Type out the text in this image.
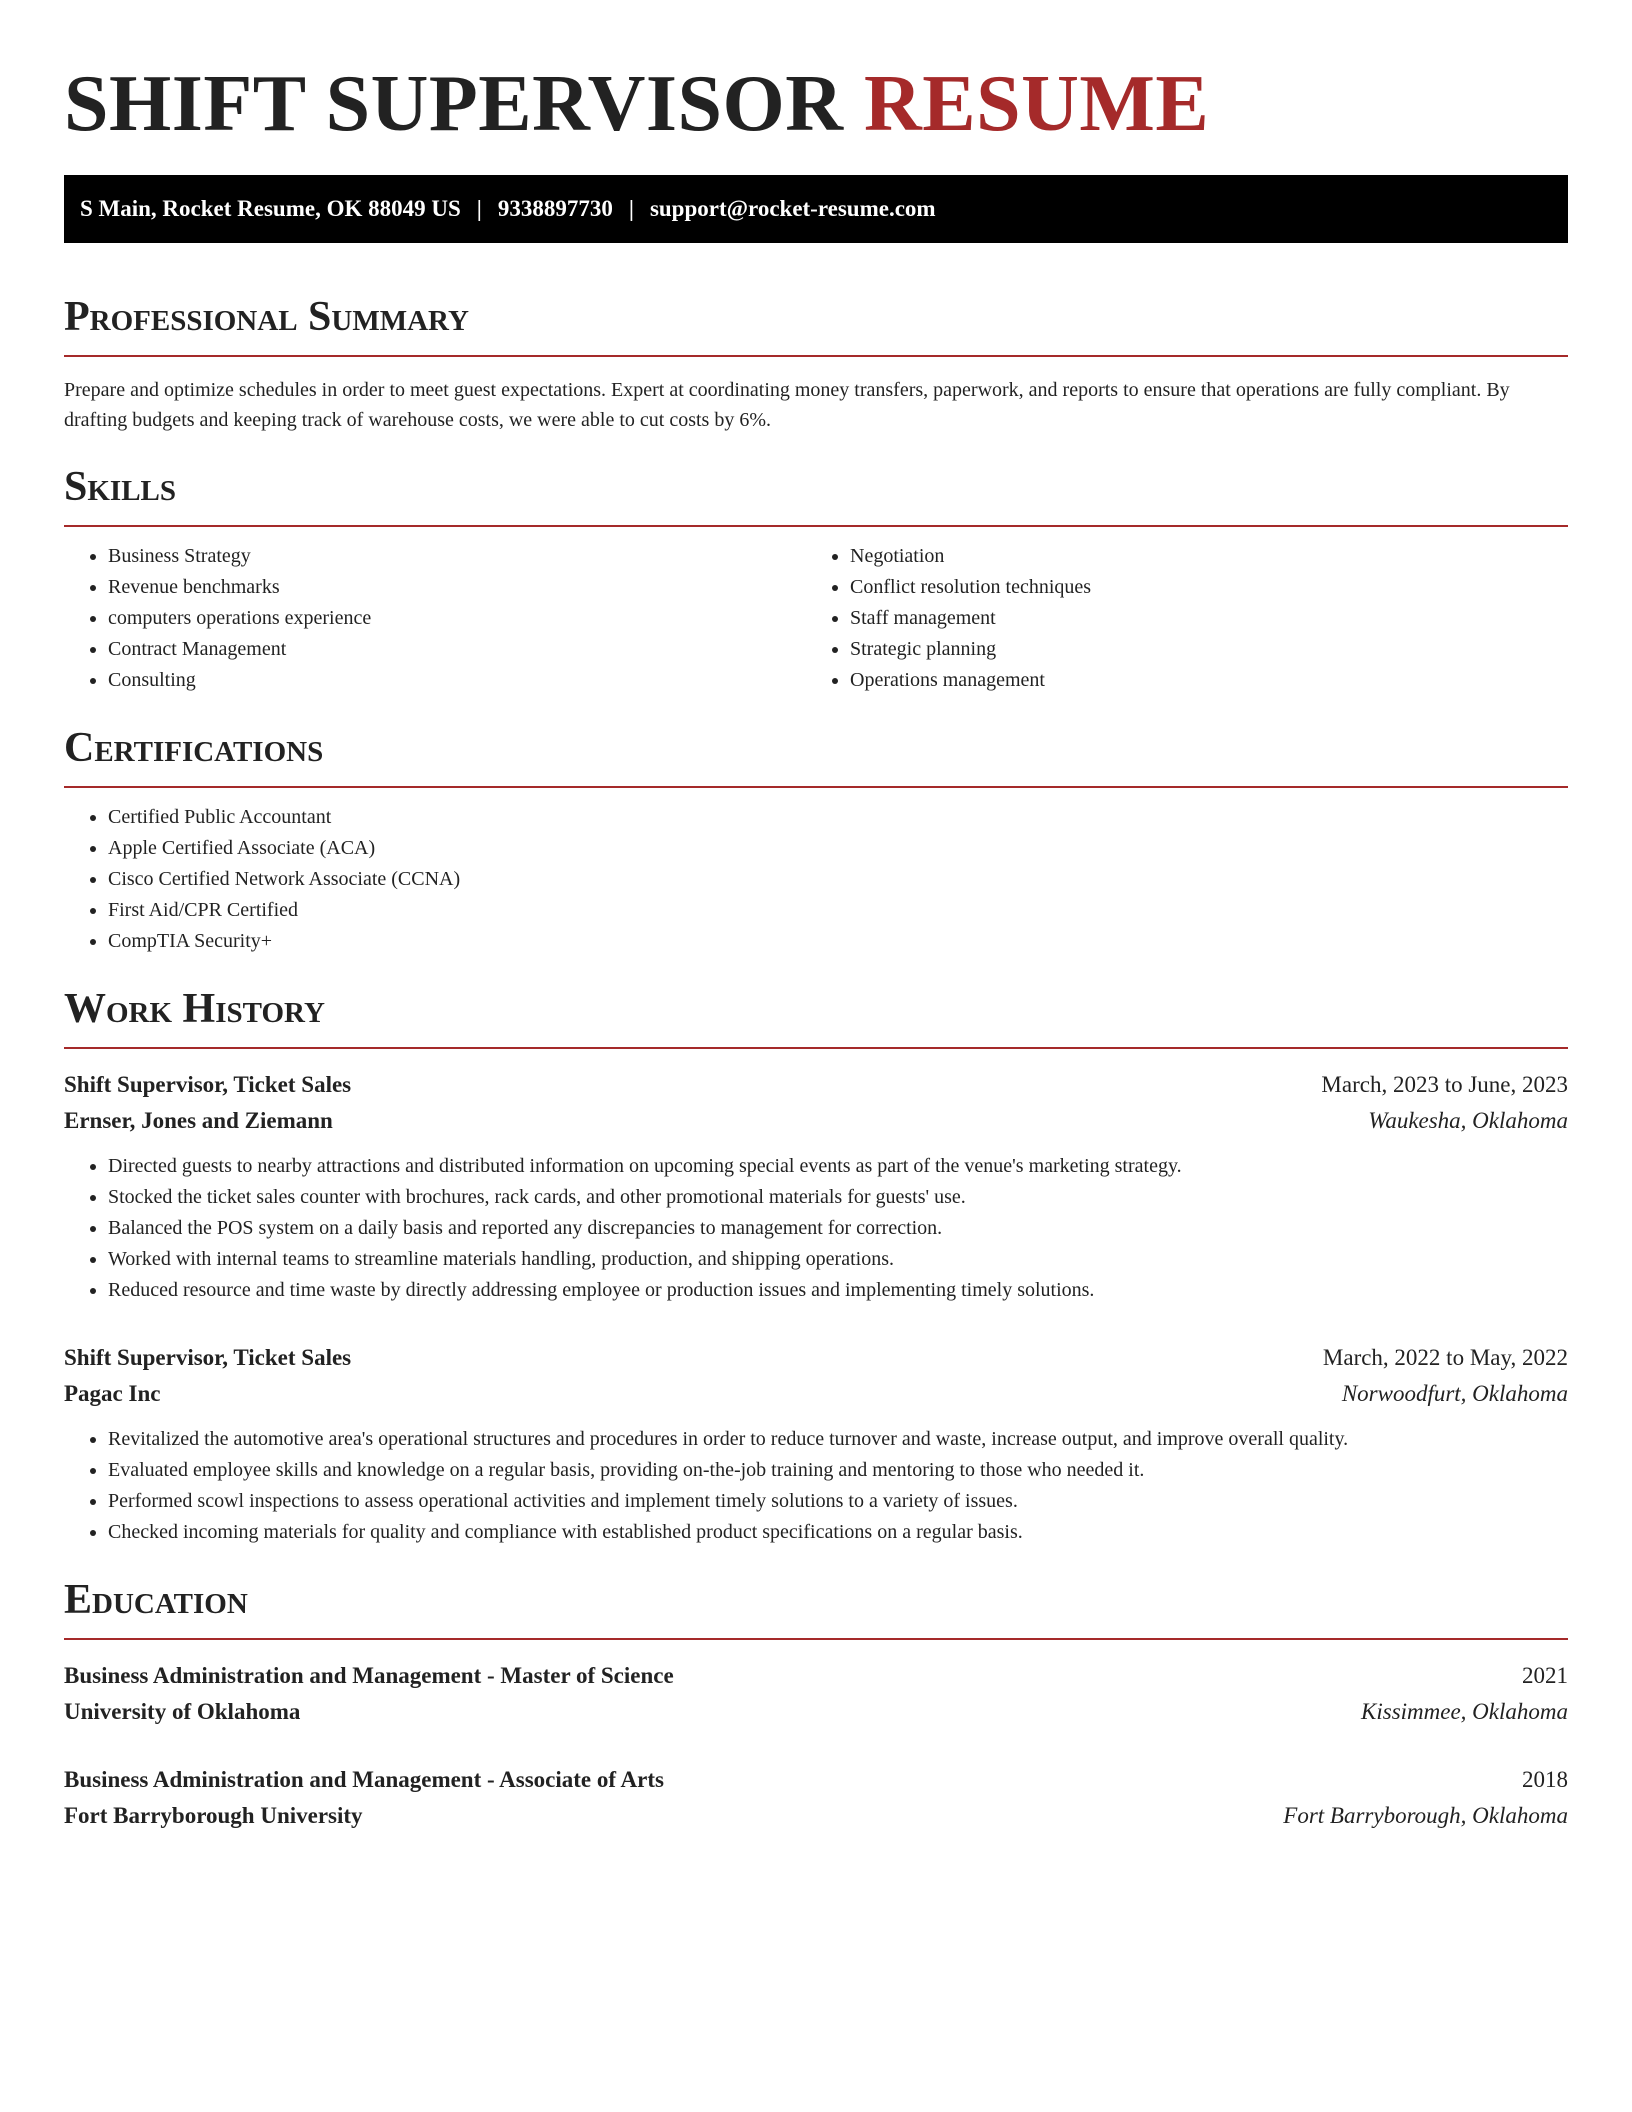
SHIFT SUPERVISOR RESUME
S Main, Rocket Resume, OK 88049 US | 9338897730 | support@rocket-resume.com
Professional Summary

Prepare and optimize schedules in order to meet guest expectations. Expert at coordinating money transfers, paperwork, and reports to ensure that operations are fully compliant. By drafting budgets and keeping track of warehouse costs, we were able to cut costs by 6%.

Skills
• Business Strategy
• Revenue benchmarks
• computers operations experience
• Contract Management
• Consulting
• Negotiation
• Conflict resolution techniques
• Staff management
• Strategic planning
• Operations management
Certifications
• Certified Public Accountant
• Apple Certified Associate (ACA)
• Cisco Certified Network Associate (CCNA)
• First Aid/CPR Certified
• CompTIA Security+
Work History
Shift Supervisor, Ticket Sales	March, 2023 to June, 2023
Ernser, Jones and Ziemann	Waukesha, Oklahoma
• Directed guests to nearby attractions and distributed information on upcoming special events as part of the venue's marketing strategy.
• Stocked the ticket sales counter with brochures, rack cards, and other promotional materials for guests' use.
• Balanced the POS system on a daily basis and reported any discrepancies to management for correction.
• Worked with internal teams to streamline materials handling, production, and shipping operations.
• Reduced resource and time waste by directly addressing employee or production issues and implementing timely solutions.
Shift Supervisor, Ticket Sales	March, 2022 to May, 2022
Pagac Inc	Norwoodfurt, Oklahoma
• Revitalized the automotive area's operational structures and procedures in order to reduce turnover and waste, increase output, and improve overall quality.
• Evaluated employee skills and knowledge on a regular basis, providing on-the-job training and mentoring to those who needed it.
• Performed scowl inspections to assess operational activities and implement timely solutions to a variety of issues.
• Checked incoming materials for quality and compliance with established product specifications on a regular basis.
Education
Business Administration and Management - Master of Science	2021
University of Oklahoma	Kissimmee, Oklahoma
Business Administration and Management - Associate of Arts	2018
Fort Barryborough University	Fort Barryborough, Oklahoma
